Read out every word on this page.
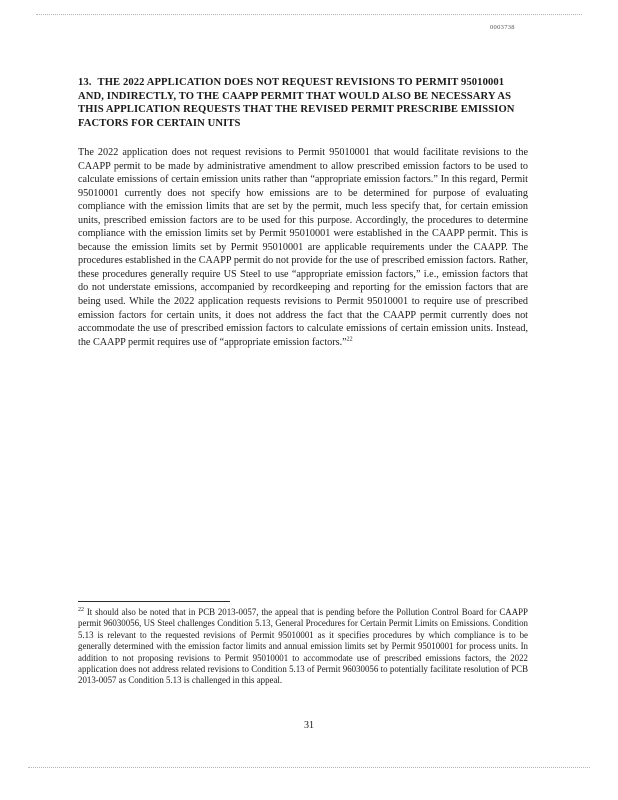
0003738
13. THE 2022 APPLICATION DOES NOT REQUEST REVISIONS TO PERMIT 95010001 AND, INDIRECTLY, TO THE CAAPP PERMIT THAT WOULD ALSO BE NECESSARY AS THIS APPLICATION REQUESTS THAT THE REVISED PERMIT PRESCRIBE EMISSION FACTORS FOR CERTAIN UNITS
The 2022 application does not request revisions to Permit 95010001 that would facilitate revisions to the CAAPP permit to be made by administrative amendment to allow prescribed emission factors to be used to calculate emissions of certain emission units rather than “appropriate emission factors.” In this regard, Permit 95010001 currently does not specify how emissions are to be determined for purpose of evaluating compliance with the emission limits that are set by the permit, much less specify that, for certain emission units, prescribed emission factors are to be used for this purpose. Accordingly, the procedures to determine compliance with the emission limits set by Permit 95010001 were established in the CAAPP permit. This is because the emission limits set by Permit 95010001 are applicable requirements under the CAAPP. The procedures established in the CAAPP permit do not provide for the use of prescribed emission factors. Rather, these procedures generally require US Steel to use “appropriate emission factors,” i.e., emission factors that do not understate emissions, accompanied by recordkeeping and reporting for the emission factors that are being used. While the 2022 application requests revisions to Permit 95010001 to require use of prescribed emission factors for certain units, it does not address the fact that the CAAPP permit currently does not accommodate the use of prescribed emission factors to calculate emissions of certain emission units. Instead, the CAAPP permit requires use of “appropriate emission factors.”$^{22}$
$^{22}$ It should also be noted that in PCB 2013-0057, the appeal that is pending before the Pollution Control Board for CAAPP permit 96030056, US Steel challenges Condition 5.13, General Procedures for Certain Permit Limits on Emissions. Condition 5.13 is relevant to the requested revisions of Permit 95010001 as it specifies procedures by which compliance is to be generally determined with the emission factor limits and annual emission limits set by Permit 95010001 for process units. In addition to not proposing revisions to Permit 95010001 to accommodate use of prescribed emissions factors, the 2022 application does not address related revisions to Condition 5.13 of Permit 96030056 to potentially facilitate resolution of PCB 2013-0057 as Condition 5.13 is challenged in this appeal.
31
